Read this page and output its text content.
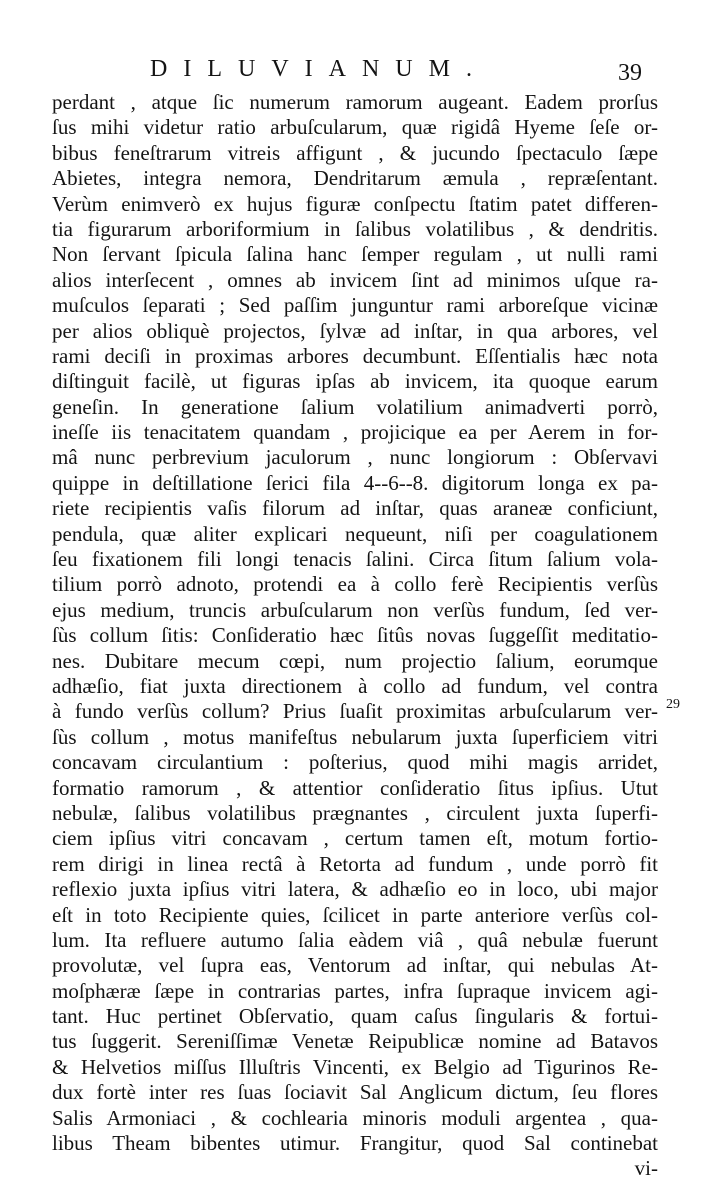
DILUVIANUM.	39
perdant , atque ſic numerum ramorum augeant. Eadem prorſus
ſus mihi videtur ratio arbuſcularum, quæ rigidâ Hyeme ſeſe or-
bibus feneſtrarum vitreis affigunt , & jucundo ſpectaculo ſæpe
Abietes, integra nemora, Dendritarum æmula , repræſentant.
Verùm enimverò ex hujus figuræ conſpectu ſtatim patet differen-
tia figurarum arboriformium in ſalibus volatilibus , & dendritis.
Non ſervant ſpicula ſalina hanc ſemper regulam , ut nulli rami
alios interſecent , omnes ab invicem ſint ad minimos uſque ra-
muſculos ſeparati ; Sed paſſim junguntur rami arboreſque vicinæ
per alios obliquè projectos, ſylvæ ad inſtar, in qua arbores, vel
rami deciſi in proximas arbores decumbunt. Eſſentialis hæc nota
diſtinguit facilè, ut figuras ipſas ab invicem, ita quoque earum
geneſin. In generatione ſalium volatilium animadverti porrò,
ineſſe iis tenacitatem quandam , projicique ea per Aerem in for-
mâ nunc perbrevium jaculorum , nunc longiorum : Obſervavi
quippe in deſtillatione ſerici fila 4--6--8. digitorum longa ex pa-
riete recipientis vaſis filorum ad inſtar, quas araneæ conficiunt,
pendula, quæ aliter explicari nequeunt, niſi per coagulationem
ſeu fixationem fili longi tenacis ſalini. Circa ſitum ſalium vola-
tilium porrò adnoto, protendi ea à collo ferè Recipientis verſùs
ejus medium, truncis arbuſcularum non verſùs fundum, ſed ver-
ſùs collum ſitis: Conſideratio hæc ſitûs novas ſuggeſſit meditatio-
nes. Dubitare mecum cœpi, num projectio ſalium, eorumque
adhæſio, fiat juxta directionem à collo ad fundum, vel contra
à fundo verſùs collum? Prius ſuaſit proximitas arbuſcularum ver-
ſùs collum , motus manifeſtus nebularum juxta ſuperficiem vitri
concavam circulantium : poſterius, quod mihi magis arridet,
formatio ramorum , & attentior conſideratio ſitus ipſius. Utut
nebulæ, ſalibus volatilibus prægnantes , circulent juxta ſuperfi-
ciem ipſius vitri concavam , certum tamen eſt, motum fortio-
rem dirigi in linea rectâ à Retorta ad fundum , unde porrò fit
reflexio juxta ipſius vitri latera, & adhæſio eo in loco, ubi major
eſt in toto Recipiente quies, ſcilicet in parte anteriore verſùs col-
lum. Ita refluere autumo ſalia eàdem viâ , quâ nebulæ fuerunt
provolutæ, vel ſupra eas, Ventorum ad inſtar, qui nebulas At-
moſphæræ ſæpe in contrarias partes, infra ſupraque invicem agi-
tant. Huc pertinet Obſervatio, quam caſus ſingularis & fortui-
tus ſuggerit. Sereniſſimæ Venetæ Reipublicæ nomine ad Batavos
& Helvetios miſſus Illuſtris Vincenti, ex Belgio ad Tigurinos Re-
dux fortè inter res ſuas ſociavit Sal Anglicum dictum, ſeu flores
Salis Armoniaci , & cochlearia minoris moduli argentea , qua-
libus Theam bibentes utimur. Frangitur, quod Sal continebat
vi-
29
